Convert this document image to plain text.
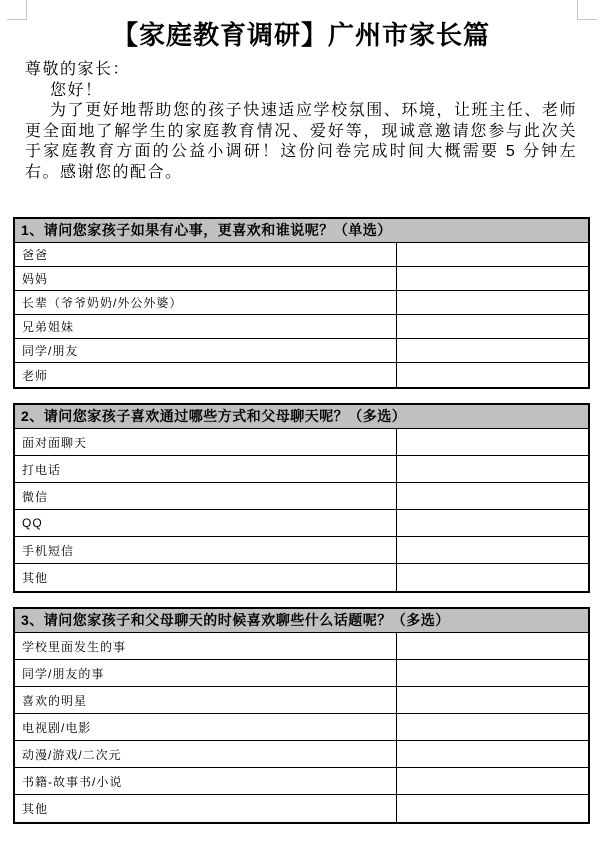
【家庭教育调研】广州市家长篇
尊敬的家长：
您好！
为了更好地帮助您的孩子快速适应学校氛围、环境，让班主任、老师更全面地了解学生的家庭教育情况、爱好等，现诚意邀请您参与此次关于家庭教育方面的公益小调研！这份问卷完成时间大概需要 5 分钟左右。感谢您的配合。
1、请问您家孩子如果有心事，更喜欢和谁说呢？（单选）
爸爸
妈妈
长辈（爷爷奶奶/外公外婆）
兄弟姐妹
同学/朋友
老师
2、请问您家孩子喜欢通过哪些方式和父母聊天呢？（多选）
面对面聊天
打电话
微信
QQ
手机短信
其他
3、请问您家孩子和父母聊天的时候喜欢聊些什么话题呢？（多选）
学校里面发生的事
同学/朋友的事
喜欢的明星
电视剧/电影
动漫/游戏/二次元
书籍-故事书/小说
其他
